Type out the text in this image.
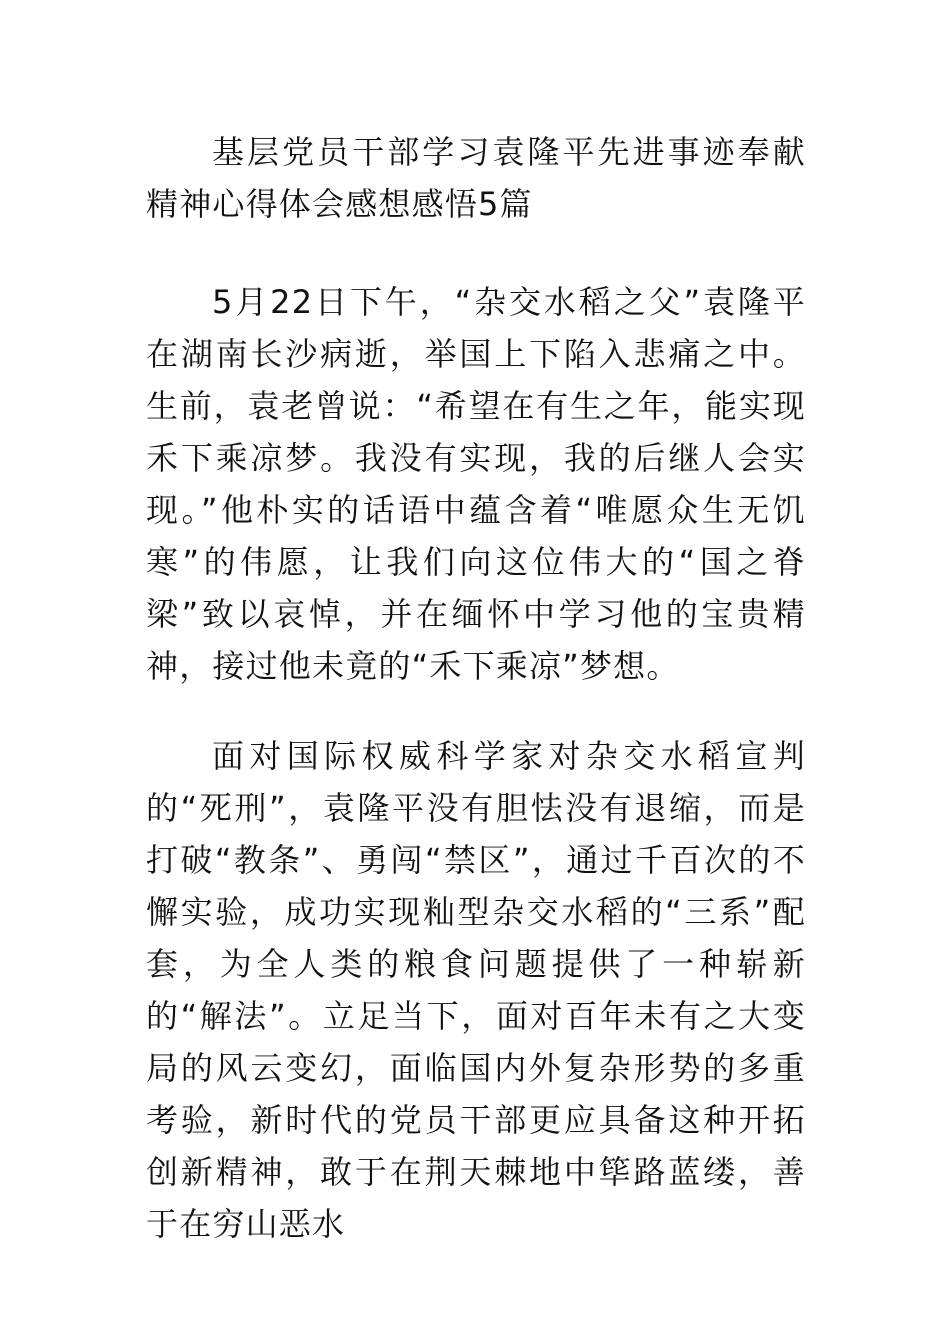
基层党员干部学习袁隆平先进事迹奉献精神心得体会感想感悟5篇
5月22日下午，“杂交水稻之父”袁隆平在湖南长沙病逝，举国上下陷入悲痛之中。生前，袁老曾说：“希望在有生之年，能实现禾下乘凉梦。我没有实现，我的后继人会实现。”他朴实的话语中蕴含着“唯愿众生无饥寒”的伟愿，让我们向这位伟大的“国之脊梁”致以哀悼，并在缅怀中学习他的宝贵精神，接过他未竟的“禾下乘凉”梦想。
面对国际权威科学家对杂交水稻宣判的“死刑”，袁隆平没有胆怯没有退缩，而是打破“教条”、勇闯“禁区”，通过千百次的不懈实验，成功实现籼型杂交水稻的“三系”配套，为全人类的粮食问题提供了一种崭新的“解法”。立足当下，面对百年未有之大变局的风云变幻，面临国内外复杂形势的多重考验，新时代的党员干部更应具备这种开拓创新精神，敢于在荆天棘地中筚路蓝缕，善于在穷山恶水
